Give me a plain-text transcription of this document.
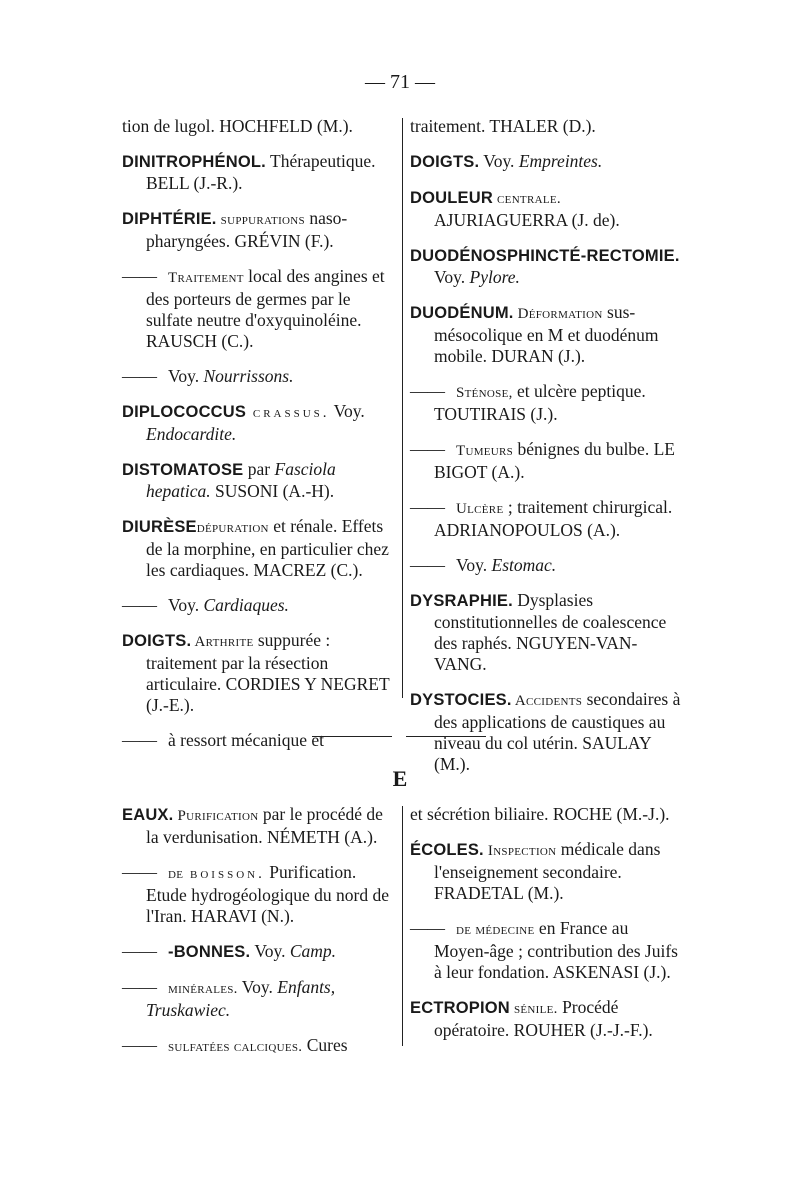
— 71 —

tion de lugol. HOCHFELD (M.).

DINITROPHÉNOL. Thérapeutique. BELL (J.-R.).

DIPHTÉRIE. suppurations naso-pharyngées. GRÉVIN (F.).

—— Traitement local des angines et des porteurs de germes par le sulfate neutre d'oxyquinoléine. RAUSCH (C.).

—— Voy. Nourrissons.

DIPLOCOCCUS crassus. Voy. Endocardite.

DISTOMATOSE par Fasciola hepatica. SUSONI (A.-H).

DIURÈSEdépuration et rénale. Effets de la morphine, en particulier chez les cardiaques. MACREZ (C.).

—— Voy. Cardiaques.

DOIGTS. Arthrite suppurée : traitement par la résection articulaire. CORDIES Y NEGRET (J.-E.).

—— à ressort mécanique et

traitement. THALER (D.).

DOIGTS. Voy. Empreintes.

DOULEUR centrale. AJURIAGUERRA (J. de).

DUODÉNOSPHINCTÉ-RECTOMIE. Voy. Pylore.

DUODÉNUM. Déformation sus-mésocolique en M et duodénum mobile. DURAN (J.).

—— Sténose, et ulcère peptique. TOUTIRAIS (J.).

—— Tumeurs bénignes du bulbe. LE BIGOT (A.).

—— Ulcère ; traitement chirurgical. ADRIANOPOULOS (A.).

—— Voy. Estomac.

DYSRAPHIE. Dysplasies constitutionnelles de coalescence des raphés. NGUYEN-VAN-VANG.

DYSTOCIES. Accidents secondaires à des applications de caustiques au niveau du col utérin. SAULAY (M.).

E

EAUX. Purification par le procédé de la verdunisation. NÉMETH (A.).

—— de boisson. Purification. Etude hydrogéologique du nord de l'Iran. HARAVI (N.).

—— -BONNES. Voy. Camp.

—— minérales. Voy. Enfants, Truskawiec.

—— sulfatées calciques. Cures

et sécrétion biliaire. ROCHE (M.-J.).

ÉCOLES. Inspection médicale dans l'enseignement secondaire. FRADETAL (M.).

—— de médecine en France au Moyen-âge ; contribution des Juifs à leur fondation. ASKENASI (J.).

ECTROPION sénile. Procédé opératoire. ROUHER (J.-J.-F.).
